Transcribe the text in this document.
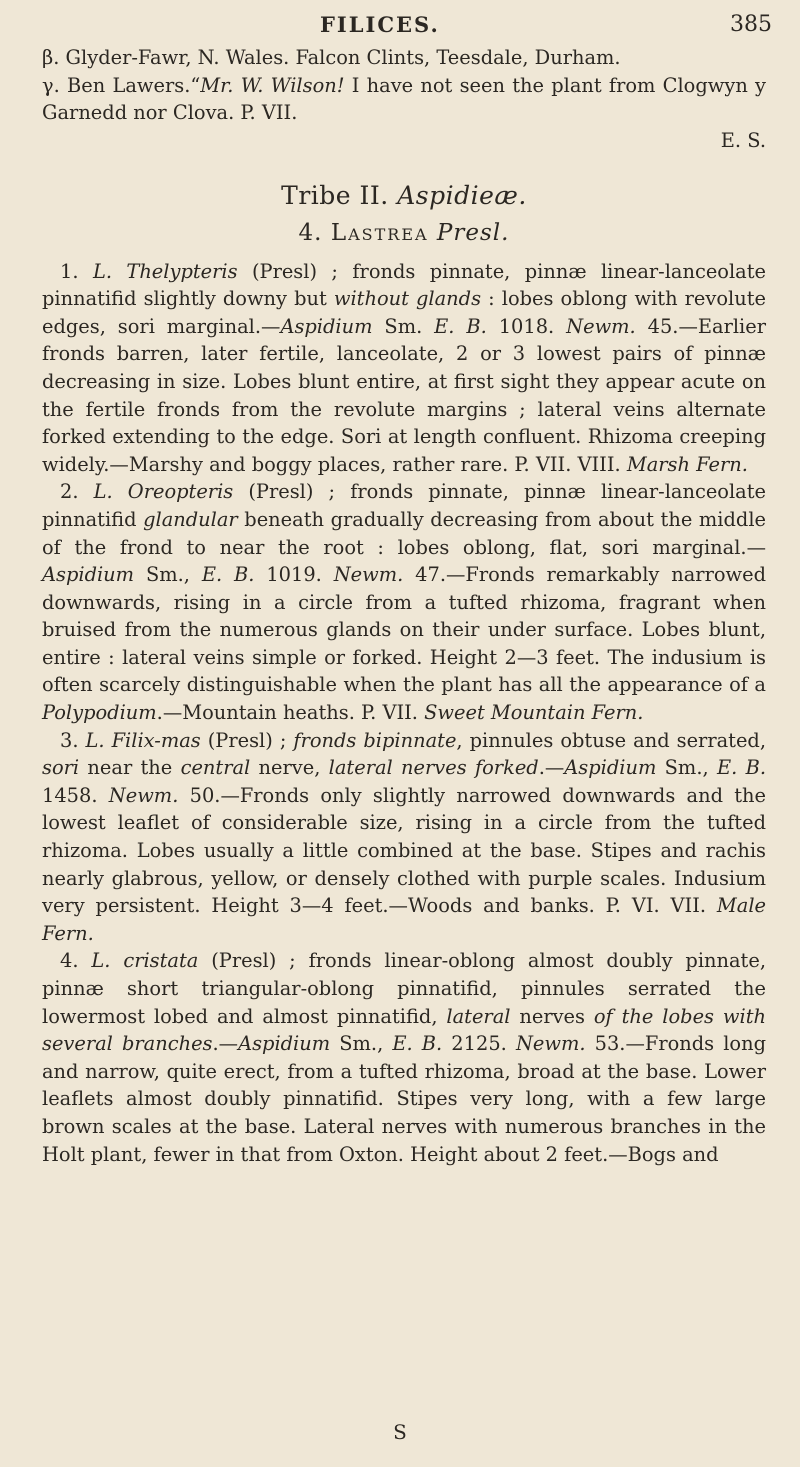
FILICES.	385

β. Glyder-Fawr, N. Wales. Falcon Clints, Teesdale, Durham.

γ. Ben Lawers.“Mr. W. Wilson! I have not seen the plant from Clogwyn y Garnedd nor Clova. P. VII.

E. S.

Tribe II. Aspidieæ.
4. Lastrea Presl.

1. L. Thelypteris (Presl) ; fronds pinnate, pinnæ linear-lanceolate pinnatifid slightly downy but without glands : lobes oblong with revolute edges, sori marginal.—Aspidium Sm. E. B. 1018. Newm. 45.—Earlier fronds barren, later fertile, lanceolate, 2 or 3 lowest pairs of pinnæ decreasing in size. Lobes blunt entire, at first sight they appear acute on the fertile fronds from the revolute margins ; lateral veins alternate forked extending to the edge. Sori at length confluent. Rhizoma creeping widely.—Marshy and boggy places, rather rare. P. VII. VIII. Marsh Fern.

2. L. Oreopteris (Presl) ; fronds pinnate, pinnæ linear-lanceolate pinnatifid glandular beneath gradually decreasing from about the middle of the frond to near the root : lobes oblong, flat, sori marginal.—Aspidium Sm., E. B. 1019. Newm. 47.—Fronds remarkably narrowed downwards, rising in a circle from a tufted rhizoma, fragrant when bruised from the numerous glands on their under surface. Lobes blunt, entire : lateral veins simple or forked. Height 2—3 feet. The indusium is often scarcely distinguishable when the plant has all the appearance of a Polypodium.—Mountain heaths. P. VII. Sweet Mountain Fern.

3. L. Filix-mas (Presl) ; fronds bipinnate, pinnules obtuse and serrated, sori near the central nerve, lateral nerves forked.—Aspidium Sm., E. B. 1458. Newm. 50.—Fronds only slightly narrowed downwards and the lowest leaflet of considerable size, rising in a circle from the tufted rhizoma. Lobes usually a little combined at the base. Stipes and rachis nearly glabrous, yellow, or densely clothed with purple scales. Indusium very persistent. Height 3—4 feet.—Woods and banks. P. VI. VII. Male Fern.

4. L. cristata (Presl) ; fronds linear-oblong almost doubly pinnate, pinnæ short triangular-oblong pinnatifid, pinnules serrated the lowermost lobed and almost pinnatifid, lateral nerves of the lobes with several branches.—Aspidium Sm., E. B. 2125. Newm. 53.—Fronds long and narrow, quite erect, from a tufted rhizoma, broad at the base. Lower leaflets almost doubly pinnatifid. Stipes very long, with a few large brown scales at the base. Lateral nerves with numerous branches in the Holt plant, fewer in that from Oxton. Height about 2 feet.—Bogs and

S
